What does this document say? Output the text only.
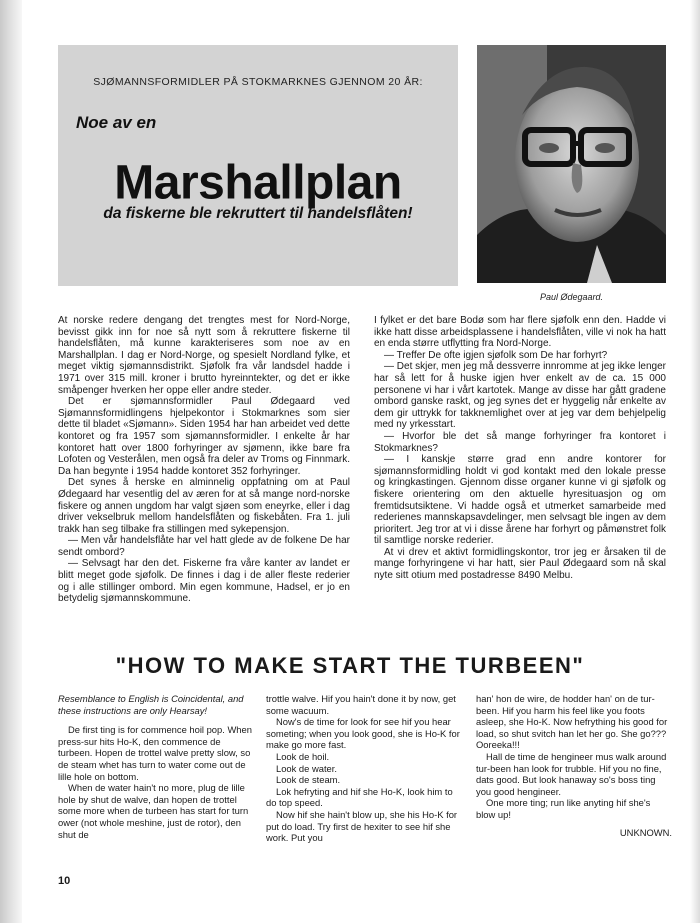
SJØMANNSFORMIDLER PÅ STOKMARKNES GJENNOM 20 ÅR:
Noe av en
Marshallplan
da fiskerne ble rekruttert til handelsflåten!
Paul Ødegaard.

At norske redere dengang det trengtes mest for Nord-Norge, bevisst gikk inn for noe så nytt som å rekruttere fiskerne til handelsflåten, må kunne karakteriseres som noe av en Marshallplan. I dag er Nord-Norge, og spesielt Nordland fylke, et meget viktig sjømannsdistrikt. Sjøfolk fra vår landsdel hadde i 1971 over 315 mill. kroner i brutto hyreinntekter, og det er ikke småpenger hverken her oppe eller andre steder.

Det er sjømannsformidler Paul Ødegaard ved Sjømannsformidlingens hjelpekontor i Stokmarknes som sier dette til bladet «Sjømann». Siden 1954 har han arbeidet ved dette kontoret og fra 1957 som sjømannsformidler. I enkelte år har kontoret hatt over 1800 forhyringer av sjømenn, ikke bare fra Lofoten og Vesterålen, men også fra deler av Troms og Finnmark. Da han begynte i 1954 hadde kontoret 352 forhyringer.

Det synes å herske en alminnelig oppfatning om at Paul Ødegaard har vesentlig del av æren for at så mange nord-norske fiskere og annen ungdom har valgt sjøen som eneyrke, eller i dag driver vekselbruk mellom handelsflåten og fiskebåten. Fra 1. juli trakk han seg tilbake fra stillingen med sykepensjon.

— Men vår handelsflåte har vel hatt glede av de folkene De har sendt ombord?

— Selvsagt har den det. Fiskerne fra våre kanter av landet er blitt meget gode sjøfolk. De finnes i dag i de aller fleste rederier og i alle stillinger ombord. Min egen kommune, Hadsel, er jo en betydelig sjømannskommune.

I fylket er det bare Bodø som har flere sjøfolk enn den. Hadde vi ikke hatt disse arbeidsplassene i handelsflåten, ville vi nok ha hatt en enda større utflytting fra Nord-Norge.

— Treffer De ofte igjen sjøfolk som De har forhyrt?

— Det skjer, men jeg må dessverre innromme at jeg ikke lenger har så lett for å huske igjen hver enkelt av de ca. 15 000 personene vi har i vårt kartotek. Mange av disse har gått gradene ombord ganske raskt, og jeg synes det er hyggelig når enkelte av dem gir uttrykk for takknemlighet over at jeg var dem behjelpelig med ny yrkesstart.

— Hvorfor ble det så mange forhyringer fra kontoret i Stokmarknes?

— I kanskje større grad enn andre kontorer for sjømannsformidling holdt vi god kontakt med den lokale presse og kringkastingen. Gjennom disse organer kunne vi gi sjøfolk og fiskere orientering om den aktuelle hyresituasjon og om fremtidsutsiktene. Vi hadde også et utmerket samarbeide med rederienes mannskapsavdelinger, men selvsagt ble ingen av dem prioritert. Jeg tror at vi i disse årene har forhyrt og påmønstret folk til samtlige norske rederier.

At vi drev et aktivt formidlingskontor, tror jeg er årsaken til de mange forhyringene vi har hatt, sier Paul Ødegaard som nå skal nyte sitt otium med postadresse 8490 Melbu.

"HOW TO MAKE START THE TURBEEN"

Resemblance to English is Coincidental, and these instructions are only Hearsay!

De first ting is for commence hoil pop. When press-sur hits Ho-K, den commence de turbeen. Hopen de trottel walve pretty slow, so de steam whet has turn to water come out de lille hole on bottom.

When de water hain't no more, plug de lille hole by shut de walve, dan hopen de trottel some more when de turbeen has start for turn ower (not whole meshine, just de rotor), den shut de

trottle walve. Hif you hain't done it by now, get some wacuum.

Now's de time for look for see hif you hear someting; when you look good, she is Ho-K for make go more fast.

Look de hoil.

Look de water.

Look de steam.

Lok hefryting and hif she Ho-K, look him to do top speed.

Now hif she hain't blow up, she his Ho-K for put do load. Try first de hexiter to see hif she work. Put you

han' hon de wire, de hodder han' on de tur-been. Hif you harm his feel like you foots asleep, she Ho-K. Now hefrything his good for load, so shut svitch han let her go. She go??? Ooreeka!!!

Hall de time de hengineer mus walk around tur-been han look for trubble. Hif you no fine, dats good. But look hanaway so's boss ting you good hengineer.

One more ting; run like anyting hif she's blow up!

UNKNOWN.
10
